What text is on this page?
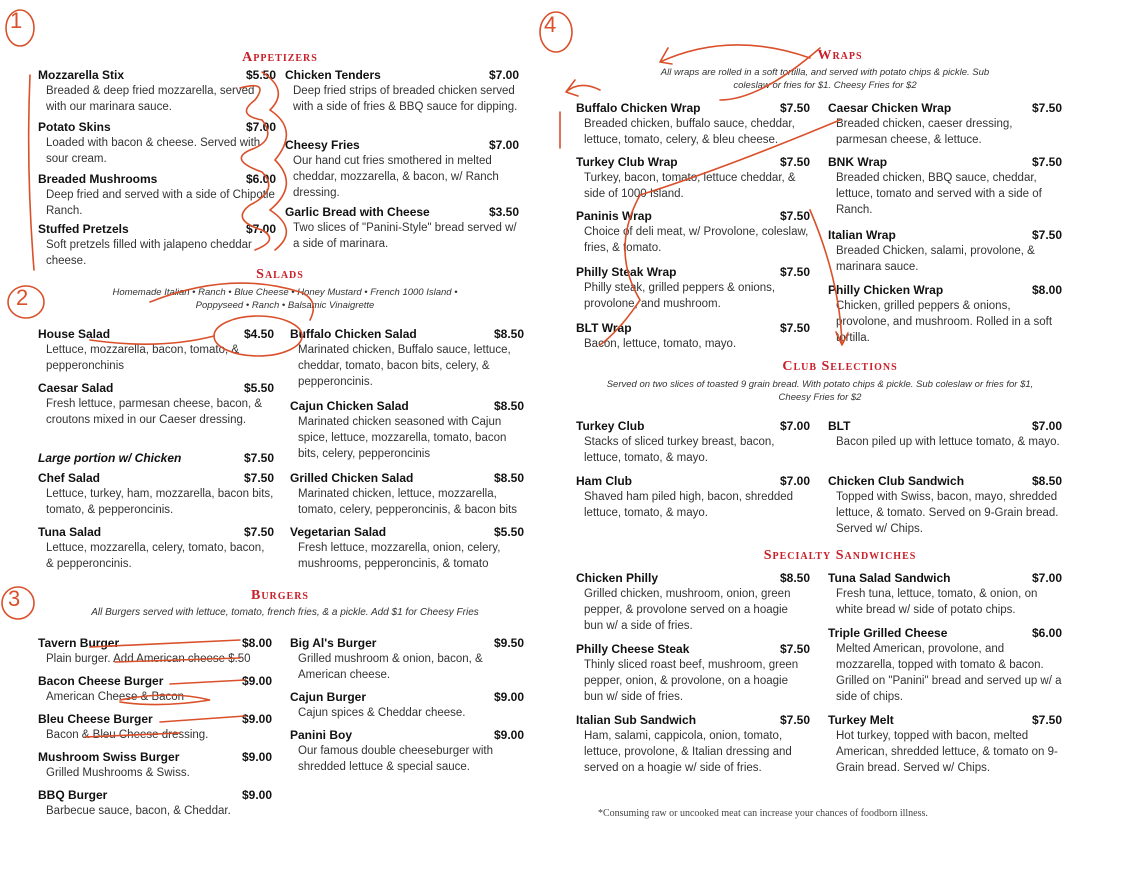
1
2
3
4
Appetizers
Mozzarella Stix	$5.50
Breaded & deep fried mozzarella, served with our marinara sauce.
Potato Skins	$7.00
Loaded with bacon & cheese. Served with sour cream.
Breaded Mushrooms	$6.00
Deep fried and served with a side of Chipotle Ranch.
Stuffed Pretzels	$7.00
Soft pretzels filled with jalapeno cheddar cheese.
Chicken Tenders	$7.00
Deep fried strips of breaded chicken served with a side of fries & BBQ sauce for dipping.
Cheesy Fries	$7.00
Our hand cut fries smothered in melted cheddar, mozzarella, & bacon, w/ Ranch dressing.
Garlic Bread with Cheese	$3.50
Two slices of "Panini-Style" bread served w/ a side of marinara.
Salads
Homemade Italian • Ranch • Blue Cheese • Honey Mustard • French 1000 Island • Poppyseed • Ranch • Balsamic Vinaigrette
House Salad	$4.50
Lettuce, mozzarella, bacon, tomato, & pepperonchinis
Caesar Salad	$5.50
Fresh lettuce, parmesan cheese, bacon, & croutons mixed in our Caeser dressing.
Large portion w/ Chicken	$7.50
Chef Salad	$7.50
Lettuce, turkey, ham, mozzarella, bacon bits, tomato, & pepperoncinis.
Tuna Salad	$7.50
Lettuce, mozzarella, celery, tomato, bacon, & pepperoncinis.
Buffalo Chicken Salad	$8.50
Marinated chicken, Buffalo sauce, lettuce, cheddar, tomato, bacon bits, celery, & pepperoncinis.
Cajun Chicken Salad	$8.50
Marinated chicken seasoned with Cajun spice, lettuce, mozzarella, tomato, bacon bits, celery, pepperoncinis
Grilled Chicken Salad	$8.50
Marinated chicken, lettuce, mozzarella, tomato, celery, pepperoncinis, & bacon bits
Vegetarian Salad	$5.50
Fresh lettuce, mozzarella, onion, celery, mushrooms, pepperoncinis, & tomato
Burgers
All Burgers served with lettuce, tomato, french fries, & a pickle. Add $1 for Cheesy Fries
Tavern Burger	$8.00
Plain burger. Add American cheese $.50
Bacon Cheese Burger	$9.00
American Cheese & Bacon
Bleu Cheese Burger	$9.00
Bacon & Bleu Cheese dressing.
Mushroom Swiss Burger	$9.00
Grilled Mushrooms & Swiss.
BBQ Burger	$9.00
Barbecue sauce, bacon, & Cheddar.
Big Al's Burger	$9.50
Grilled mushroom & onion, bacon, & American cheese.
Cajun Burger	$9.00
Cajun spices & Cheddar cheese.
Panini Boy	$9.00
Our famous double cheeseburger with shredded lettuce & special sauce.
Wraps
All wraps are rolled in a soft tortilla, and served with potato chips & pickle. Sub coleslaw or fries for $1. Cheesy Fries for $2
Buffalo Chicken Wrap	$7.50
Breaded chicken, buffalo sauce, cheddar, lettuce, tomato, celery, & bleu cheese.
Turkey Club Wrap	$7.50
Turkey, bacon, tomato, lettuce cheddar, & side of 1000 Island.
Paninis Wrap	$7.50
Choice of deli meat, w/ Provolone, coleslaw, fries, & tomato.
Philly Steak Wrap	$7.50
Philly steak, grilled peppers & onions, provolone, and mushroom.
BLT Wrap	$7.50
Bacon, lettuce, tomato, mayo.
Caesar Chicken Wrap	$7.50
Breaded chicken, caeser dressing, parmesan cheese, & lettuce.
BNK Wrap	$7.50
Breaded chicken, BBQ sauce, cheddar, lettuce, tomato and served with a side of Ranch.
Italian Wrap	$7.50
Breaded Chicken, salami, provolone, & marinara sauce.
Philly Chicken Wrap	$8.00
Chicken, grilled peppers & onions, provolone, and mushroom. Rolled in a soft tortilla.
Club Selections
Served on two slices of toasted 9 grain bread. With potato chips & pickle. Sub coleslaw or fries for $1, Cheesy Fries for $2
Turkey Club	$7.00
Stacks of sliced turkey breast, bacon, lettuce, tomato, & mayo.
Ham Club	$7.00
Shaved ham piled high, bacon, shredded lettuce, tomato, & mayo.
BLT	$7.00
Bacon piled up with lettuce tomato, & mayo.
Chicken Club Sandwich	$8.50
Topped with Swiss, bacon, mayo, shredded lettuce, & tomato. Served on 9-Grain bread. Served w/ Chips.
Specialty Sandwiches
Chicken Philly	$8.50
Grilled chicken, mushroom, onion, green pepper, & provolone served on a hoagie bun w/ a side of fries.
Philly Cheese Steak	$7.50
Thinly sliced roast beef, mushroom, green pepper, onion, & provolone, on a hoagie bun w/ side of fries.
Italian Sub Sandwich	$7.50
Ham, salami, cappicola, onion, tomato, lettuce, provolone, & Italian dressing and served on a hoagie w/ side of fries.
Tuna Salad Sandwich	$7.00
Fresh tuna, lettuce, tomato, & onion, on white bread w/ side of potato chips.
Triple Grilled Cheese	$6.00
Melted American, provolone, and mozzarella, topped with tomato & bacon. Grilled on "Panini" bread and served up w/ a side of chips.
Turkey Melt	$7.50
Hot turkey, topped with bacon, melted American, shredded lettuce, & tomato on 9-Grain bread. Served w/ Chips.
*Consuming raw or uncooked meat can increase your chances of foodborn illness.
